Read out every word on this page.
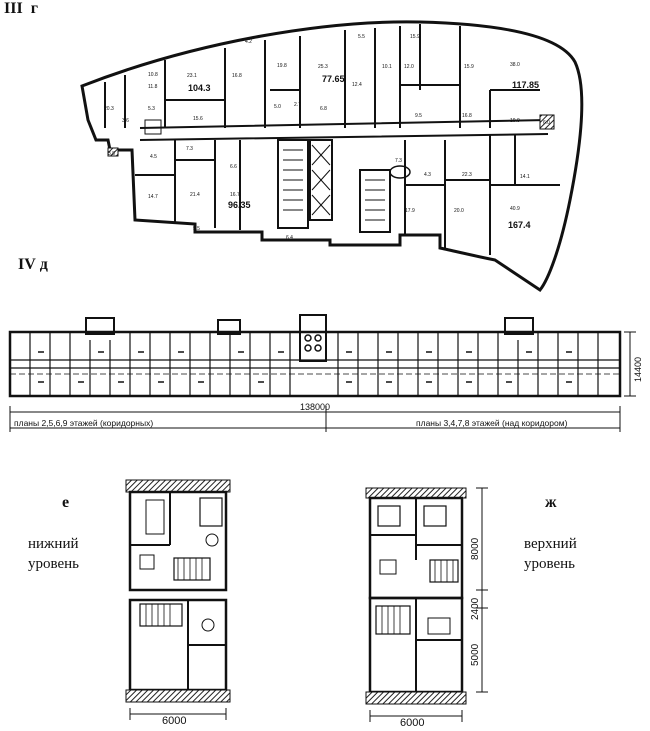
III г
IV д
е	ж
нижний
уровень
верхний
уровень
104.3
77.65
117.85
96.35
167.4
4.2
5.5	15.9
10.8	23.1	16.8
19.8	25.3
12.4
10.1 12.0	15.9	38.0
11.8
20.3	5.3
15.6
3.8
2.7
6.8
5.0
9.5	16.8
19.9	6.0
4.5
7.3
6.6
16.7
21.4
14.7
5.5
7.3
4.3	22.3	14.1
17.9	20.0	40.9
6.4
3.6
138000
14400
планы 2,5,6,9 этажей (коридорных)	планы 3,4,7,8 этажей (над коридором)
6000	6000
8000
2400
5000
